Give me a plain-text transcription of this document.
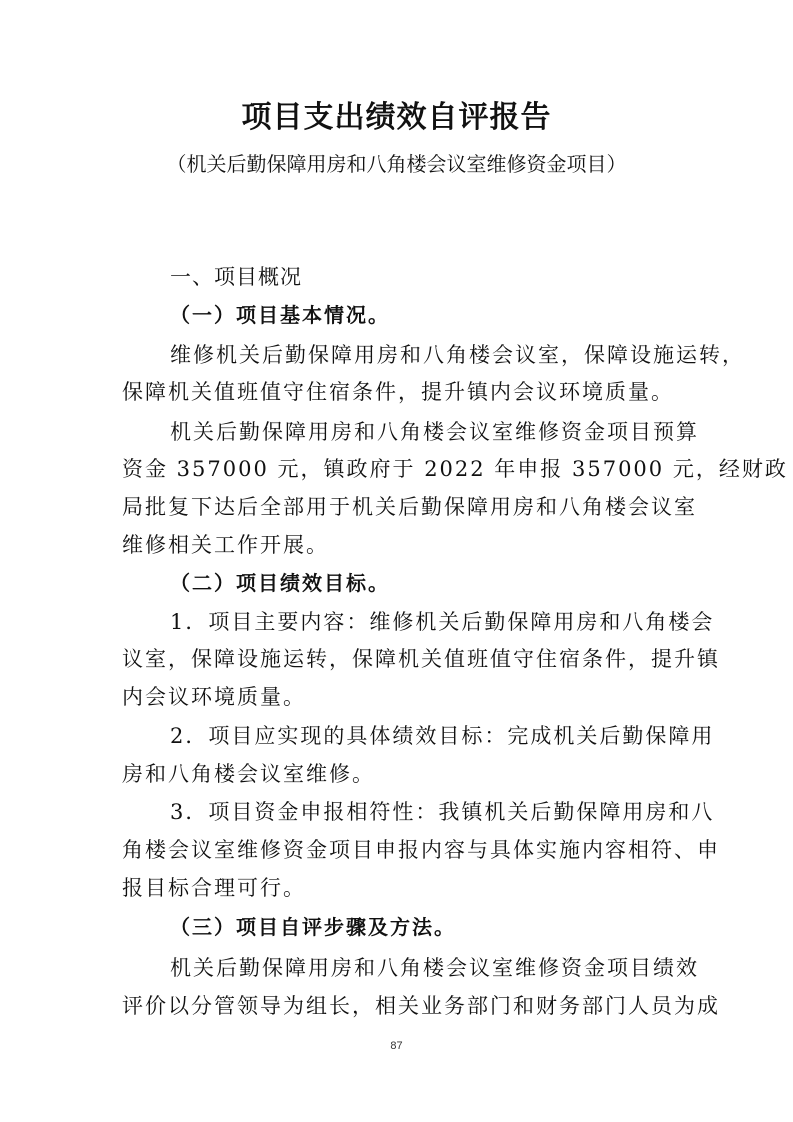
项目支出绩效自评报告
（机关后勤保障用房和八角楼会议室维修资金项目）
一、项目概况
（一）项目基本情况。
维修机关后勤保障用房和八角楼会议室，保障设施运转，
保障机关值班值守住宿条件，提升镇内会议环境质量。
机关后勤保障用房和八角楼会议室维修资金项目预算
资金 357000 元，镇政府于 2022 年申报 357000 元，经财政
局批复下达后全部用于机关后勤保障用房和八角楼会议室
维修相关工作开展。
（二）项目绩效目标。
1．项目主要内容：维修机关后勤保障用房和八角楼会
议室，保障设施运转，保障机关值班值守住宿条件，提升镇
内会议环境质量。
2．项目应实现的具体绩效目标：完成机关后勤保障用
房和八角楼会议室维修。
3．项目资金申报相符性：我镇机关后勤保障用房和八
角楼会议室维修资金项目申报内容与具体实施内容相符、申
报目标合理可行。
（三）项目自评步骤及方法。
机关后勤保障用房和八角楼会议室维修资金项目绩效
评价以分管领导为组长，相关业务部门和财务部门人员为成
87
